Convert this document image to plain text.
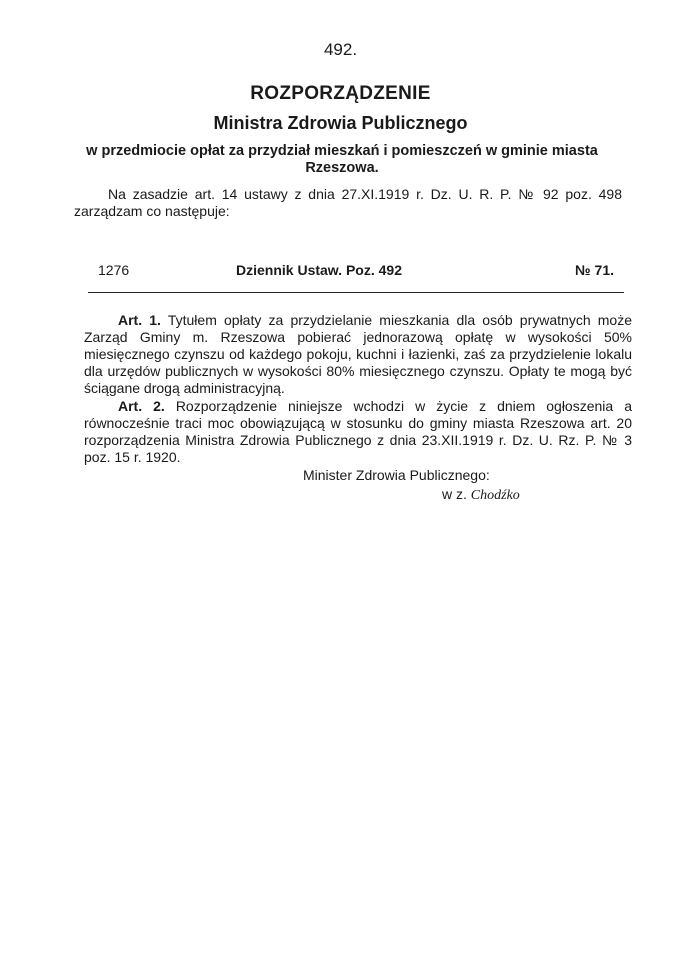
492.
ROZPORZĄDZENIE
Ministra Zdrowia Publicznego
w przedmiocie opłat za przydział mieszkań i pomieszczeń w gminie miasta Rzeszowa.
Na zasadzie art. 14 ustawy z dnia 27.XI.1919 r. Dz. U. R. P. № 92 poz. 498 zarządzam co następuje:
1276	Dziennik Ustaw. Poz. 492	№ 71.
Art. 1. Tytułem opłaty za przydzielanie mieszkania dla osób prywatnych może Zarząd Gminy m. Rzeszowa pobierać jednorazową opłatę w wysokości 50% miesięcznego czynszu od każdego pokoju, kuchni i łazienki, zaś za przydzielenie lokalu dla urzędów publicznych w wysokości 80% miesięcznego czynszu. Opłaty te mogą być ściągane drogą administracyjną.
Art. 2. Rozporządzenie niniejsze wchodzi w życie z dniem ogłoszenia a równocześnie traci moc obowiązującą w stosunku do gminy miasta Rzeszowa art. 20 rozporządzenia Ministra Zdrowia Publicznego z dnia 23.XII.1919 r. Dz. U. Rz. P. № 3 poz. 15 r. 1920.
Minister Zdrowia Publicznego:
w z. Chodźko
